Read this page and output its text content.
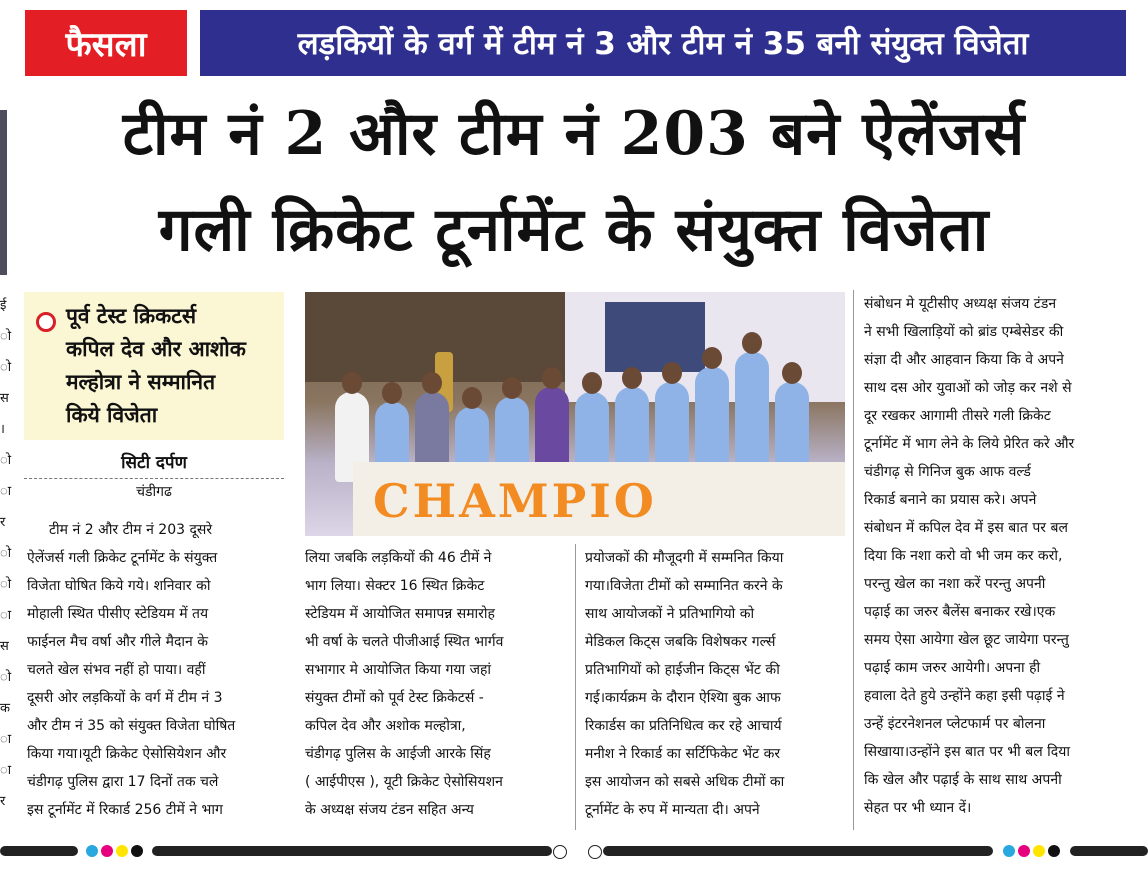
फैसला	लड़कियों के वर्ग में टीम नं 3 और टीम नं 35 बनी संयुक्त विजेता
टीम नं 2 और टीम नं 203 बने ऐलेंजर्स
गली क्रिकेट टूर्नामेंट के संयुक्त विजेता
ई
ो
ो
स
।
ो
ा
र
ो
ो
ा
स
ो
क
ा
ा
र
पूर्व टेस्ट क्रिकटर्स
कपिल देव और आशोक
मल्होत्रा ने सम्मानित
किये विजेता
सिटी दर्पण
चंडीगढ
टीम नं 2 और टीम नं 203 दूसरे
ऐलेंजर्स गली क्रिकेट टूर्नामेंट के संयुक्त
विजेता घोषित किये गये। शनिवार को
मोहाली स्थित पीसीए स्टेडियम में तय
फाईनल मैच वर्षा और गीले मैदान के
चलते खेल संभव नहीं हो पाया। वहीं
दूसरी ओर लड़कियों के वर्ग में टीम नं 3
और टीम नं 35 को संयुक्त विजेता घोषित
किया गया।यूटी क्रिकेट ऐसोसियेशन और
चंडीगढ़ पुलिस द्वारा 17 दिनों तक चले
इस टूर्नामेंट में रिकार्ड 256 टीमें ने भाग
CHAMPIO
लिया जबकि लड़कियों की 46 टीमें ने
भाग लिया। सेक्टर 16 स्थित क्रिकेट
स्टेडियम में आयोजित समापन्न समारोह
भी वर्षा के चलते पीजीआई स्थित भार्गव
सभागार मे आयोजित किया गया जहां
संयुक्त टीमों को पूर्व टेस्ट क्रिकेटर्स -
कपिल देव और अशोक मल्होत्रा,
चंडीगढ़ पुलिस के आईजी आरके सिंह
( आईपीएस ), यूटी क्रिकेट ऐसोसियशन
के अध्यक्ष संजय टंडन सहित अन्य
प्रयोजकों की मौजूदगी में सम्मनित किया
गया।विजेता टीमों को सम्मानित करने के
साथ आयोजकों ने प्रतिभागियो को
मेडिकल किट्स जबकि विशेषकर गर्ल्स
प्रतिभागियों को हाईजीन किट्स भेंट की
गई।कार्यक्रम के दौरान ऐश्यिा बुक आफ
रिकार्डस का प्रतिनिधित्व कर रहे आचार्य
मनीश ने रिकार्ड का सर्टिफिकेट भेंट कर
इस आयोजन को सबसे अधिक टीमों का
टूर्नामेंट के रुप में मान्यता दी। अपने
संबोधन मे यूटीसीए अध्यक्ष संजय टंडन
ने सभी खिलाड़ियों को ब्रांड एम्बेसेडर की
संज्ञा दी और आहवान किया कि वे अपने
साथ दस ओर युवाओं को जोड़ कर नशे से
दूर रखकर आगामी तीसरे गली क्रिकेट
टूर्नामेंट में भाग लेने के लिये प्रेरित करे और
चंडीगढ़ से गिनिज बुक आफ वर्ल्ड
रिकार्ड बनाने का प्रयास करे। अपने
संबोधन में कपिल देव में इस बात पर बल
दिया कि नशा करो वो भी जम कर करो,
परन्तु खेल का नशा करें परन्तु अपनी
पढ़ाई का जरुर बैलेंस बनाकर रखे।एक
समय ऐसा आयेगा खेल छूट जायेगा परन्तु
पढ़ाई काम जरुर आयेगी। अपना ही
हवाला देते हुये उन्होंने कहा इसी पढ़ाई ने
उन्हें इंटरनेशनल प्लेटफार्म पर बोलना
सिखाया।उन्होंने इस बात पर भी बल दिया
कि खेल और पढ़ाई के साथ साथ अपनी
सेहत पर भी ध्यान दें।
